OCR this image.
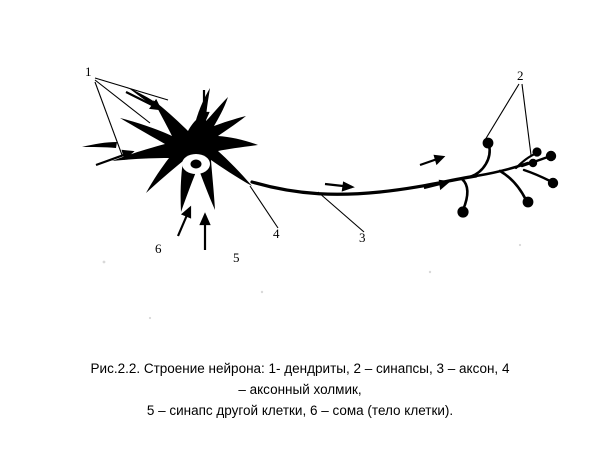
1	2
3
4
5
6
Рис.2.2. Строение нейрона: 1- дендриты, 2 – синапсы, 3 – аксон, 4
– аксонный холмик,
5 – синапс другой клетки, 6 – сома (тело клетки).
